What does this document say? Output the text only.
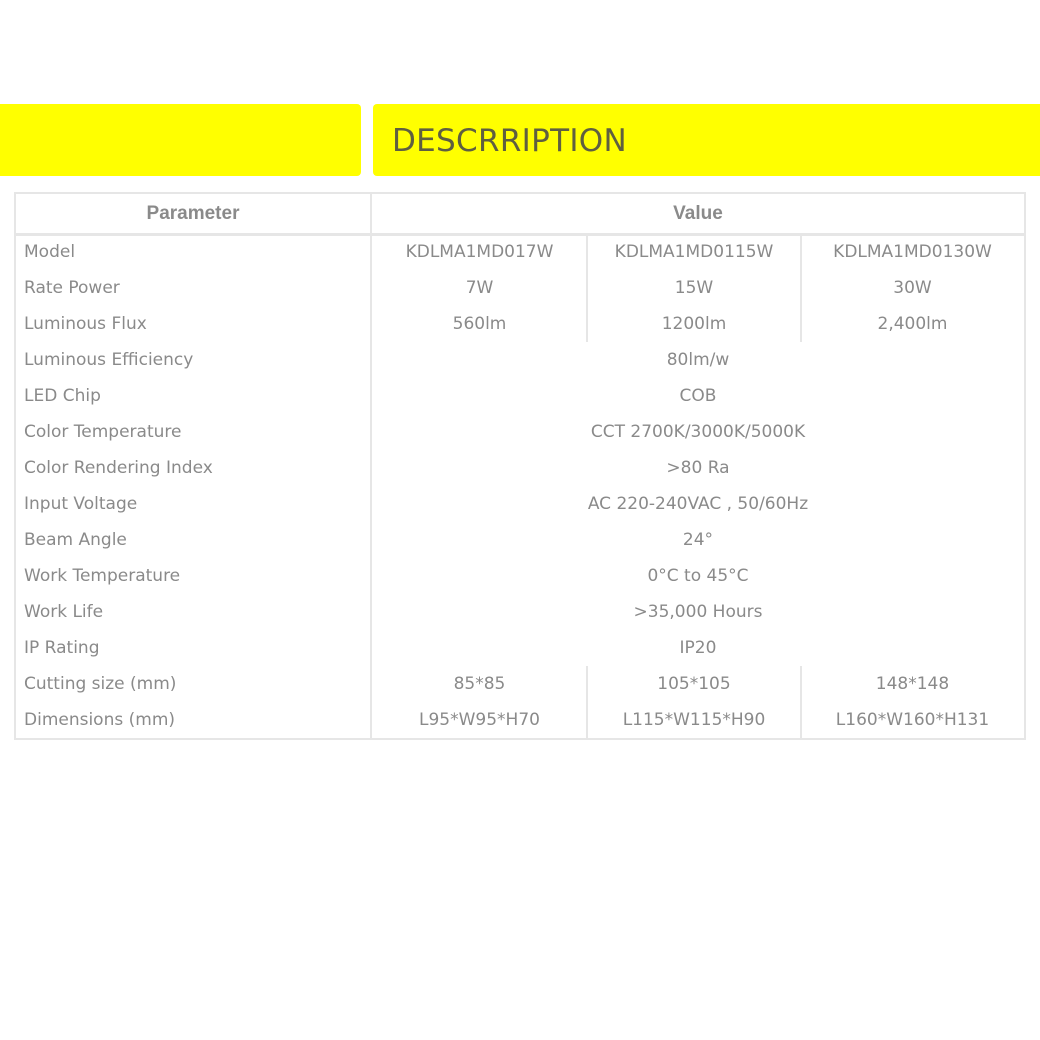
DESCRRIPTION
Parameter	Value
Model	KDLMA1MD017W	KDLMA1MD0115W	KDLMA1MD0130W
Rate Power	7W	15W	30W
Luminous Flux	560lm	1200lm	2,400lm
Luminous Efficiency	80lm/w
LED Chip	COB
Color Temperature	CCT 2700K/3000K/5000K
Color Rendering Index	>80 Ra
Input Voltage	AC 220-240VAC , 50/60Hz
Beam Angle	24°
Work Temperature	0°C to 45°C
Work Life	>35,000 Hours
IP Rating	IP20
Cutting size (mm)	85*85	105*105	148*148
Dimensions (mm)	L95*W95*H70	L115*W115*H90	L160*W160*H131
